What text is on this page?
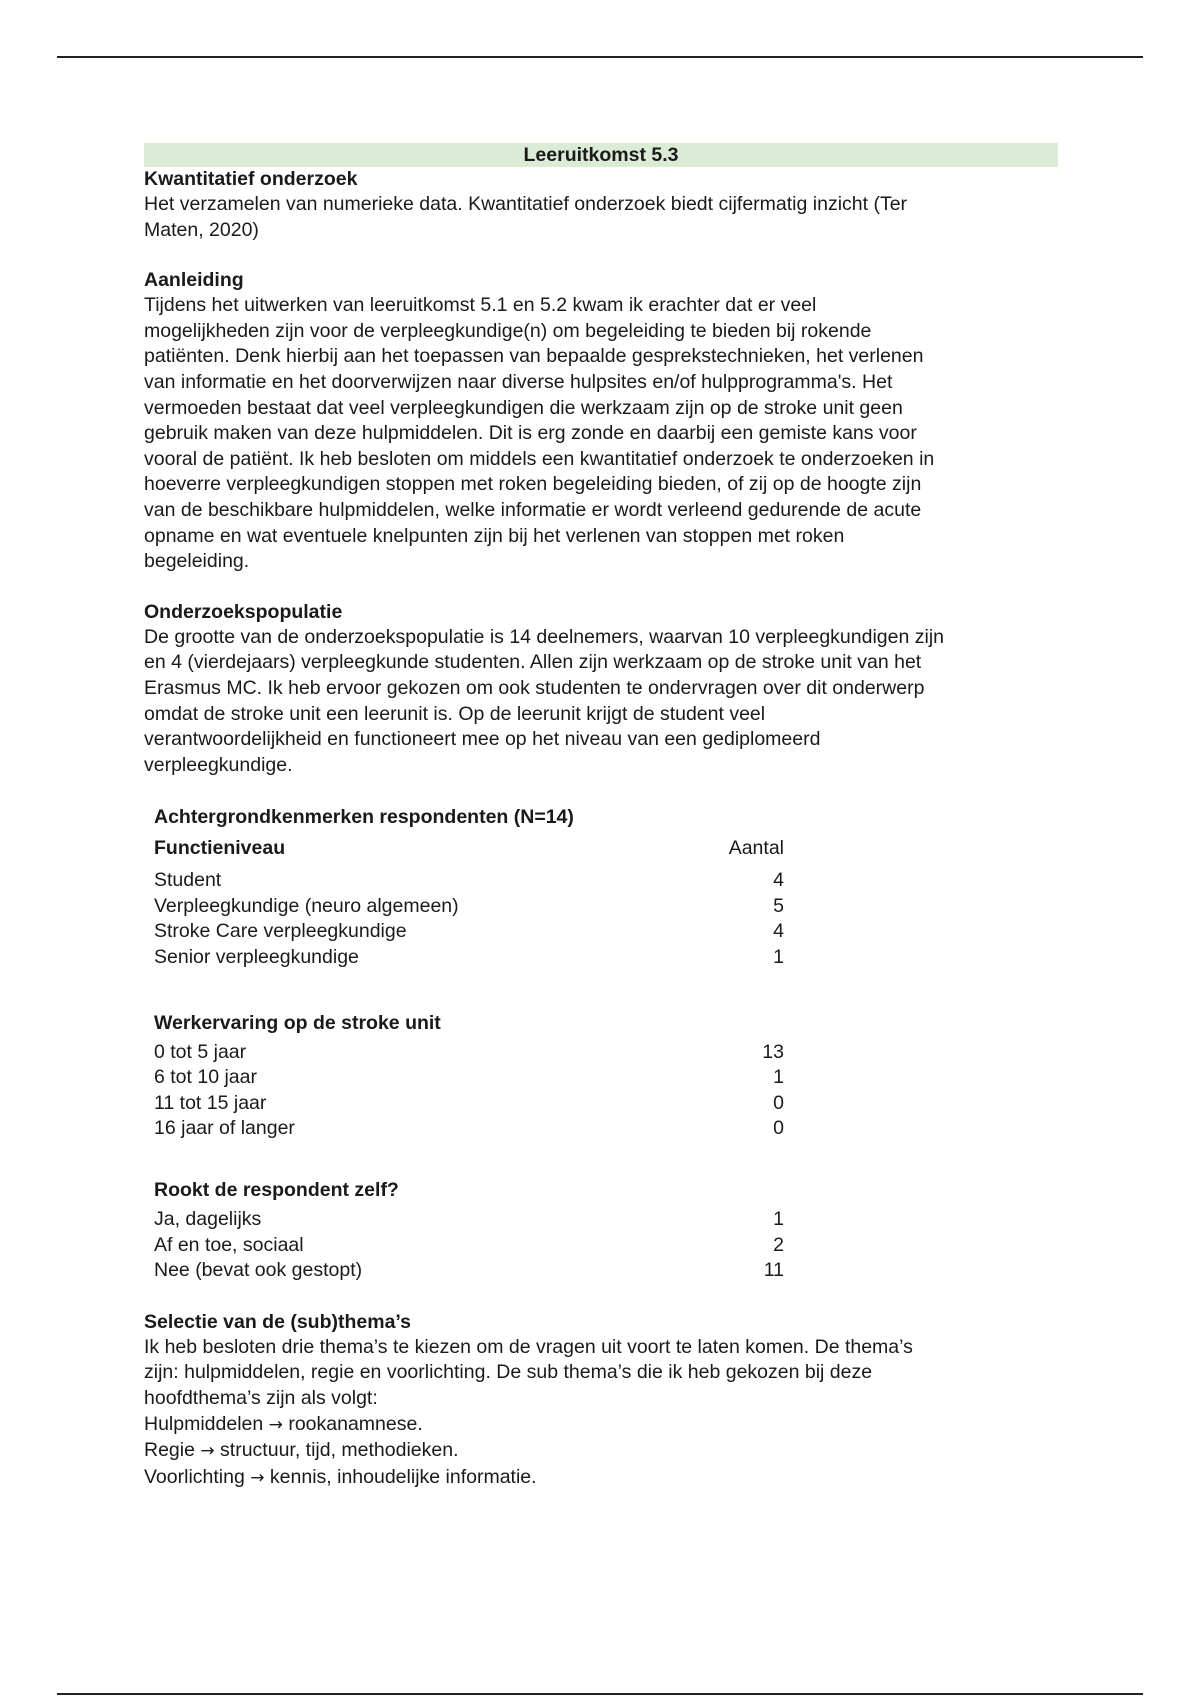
Leeruitkomst 5.3
Kwantitatief onderzoek

Het verzamelen van numerieke data. Kwantitatief onderzoek biedt cijfermatig inzicht (Ter

Maten, 2020)

Aanleiding

Tijdens het uitwerken van leeruitkomst 5.1 en 5.2 kwam ik erachter dat er veel

mogelijkheden zijn voor de verpleegkundige(n) om begeleiding te bieden bij rokende

patiënten. Denk hierbij aan het toepassen van bepaalde gesprekstechnieken, het verlenen

van informatie en het doorverwijzen naar diverse hulpsites en/of hulpprogramma's. Het

vermoeden bestaat dat veel verpleegkundigen die werkzaam zijn op de stroke unit geen

gebruik maken van deze hulpmiddelen. Dit is erg zonde en daarbij een gemiste kans voor

vooral de patiënt. Ik heb besloten om middels een kwantitatief onderzoek te onderzoeken in

hoeverre verpleegkundigen stoppen met roken begeleiding bieden, of zij op de hoogte zijn

van de beschikbare hulpmiddelen, welke informatie er wordt verleend gedurende de acute

opname en wat eventuele knelpunten zijn bij het verlenen van stoppen met roken

begeleiding.

Onderzoekspopulatie

De grootte van de onderzoekspopulatie is 14 deelnemers, waarvan 10 verpleegkundigen zijn

en 4 (vierdejaars) verpleegkunde studenten. Allen zijn werkzaam op de stroke unit van het

Erasmus MC. Ik heb ervoor gekozen om ook studenten te ondervragen over dit onderwerp

omdat de stroke unit een leerunit is. Op de leerunit krijgt de student veel

verantwoordelijkheid en functioneert mee op het niveau van een gediplomeerd

verpleegkundige.

Achtergrondkenmerken respondenten (N=14)
Functieniveau	Aantal
Student	4
Verpleegkundige (neuro algemeen)	5
Stroke Care verpleegkundige	4
Senior verpleegkundige	1
Werkervaring op de stroke unit
0 tot 5 jaar	13
6 tot 10 jaar	1
11 tot 15 jaar	0
16 jaar of langer	0
Rookt de respondent zelf?
Ja, dagelijks	1
Af en toe, sociaal	2
Nee (bevat ook gestopt)	11
Selectie van de (sub)thema’s

Ik heb besloten drie thema’s te kiezen om de vragen uit voort te laten komen. De thema’s

zijn: hulpmiddelen, regie en voorlichting. De sub thema’s die ik heb gekozen bij deze

hoofdthema’s zijn als volgt:

Hulpmiddelen → rookanamnese.

Regie → structuur, tijd, methodieken.

Voorlichting → kennis, inhoudelijke informatie.
